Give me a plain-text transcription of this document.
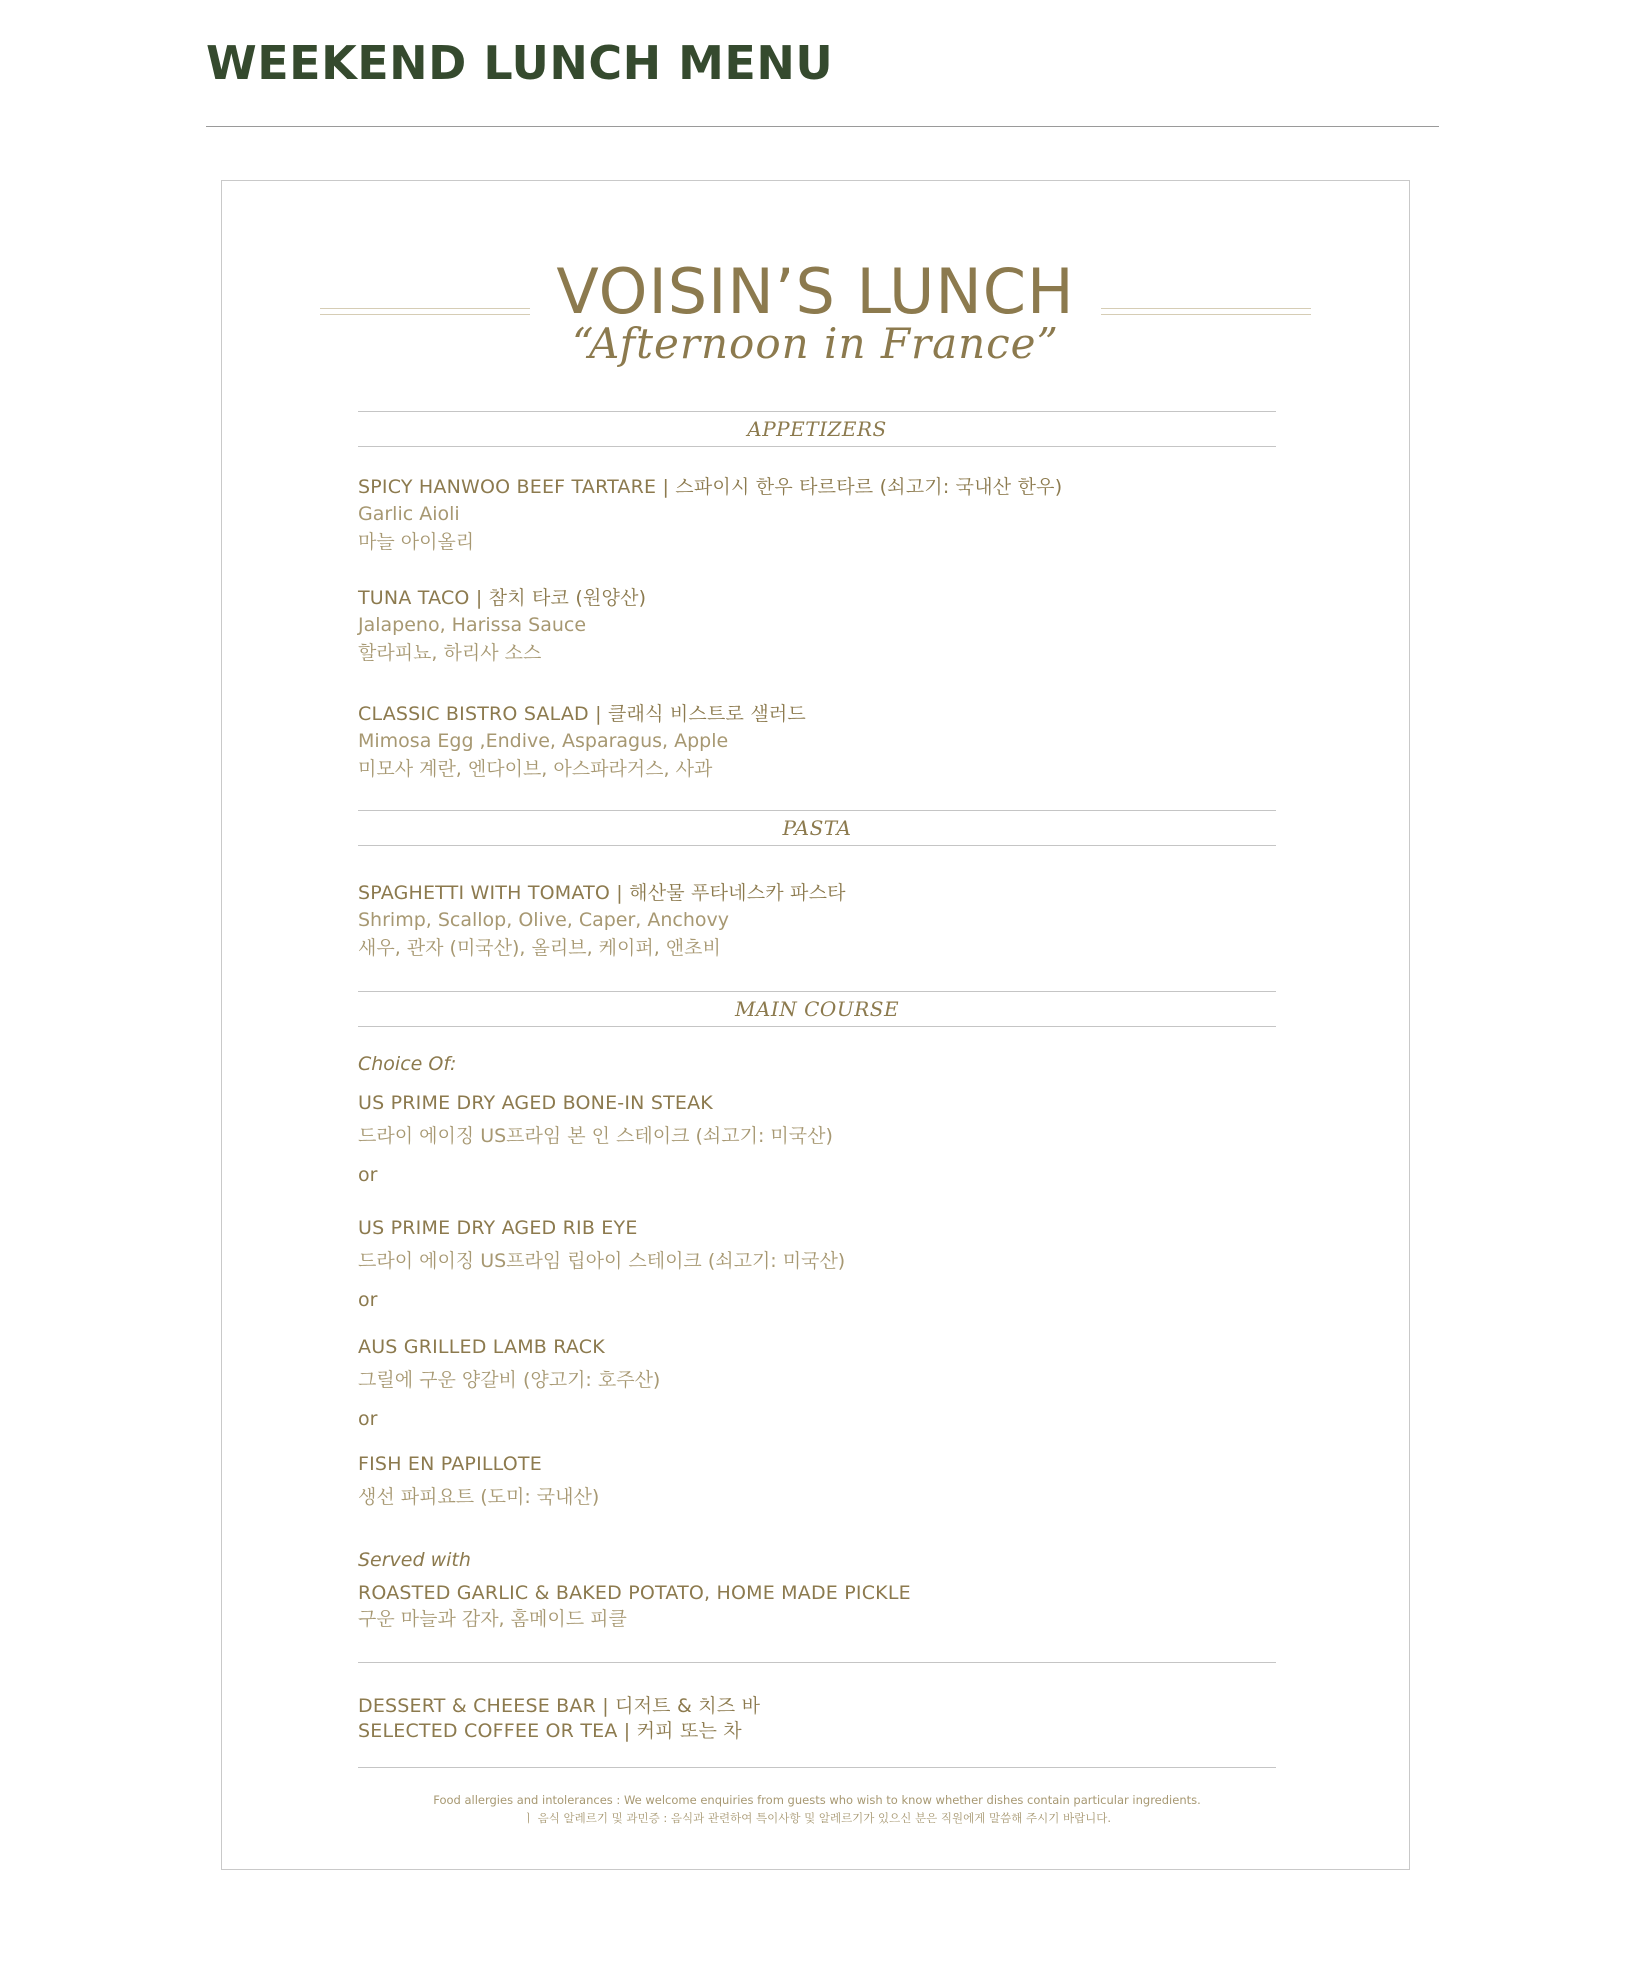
WEEKEND LUNCH MENU
VOISIN’S LUNCH

“Afternoon in France”

APPETIZERS
SPICY HANWOO BEEF TARTARE | 스파이시 한우 타르타르 (쇠고기: 국내산 한우)
Garlic Aioli
마늘 아이올리
TUNA TACO | 참치 타코 (원양산)
Jalapeno, Harissa Sauce
할라피뇨, 하리사 소스
CLASSIC BISTRO SALAD | 클래식 비스트로 샐러드
Mimosa Egg ,Endive, Asparagus, Apple
미모사 계란, 엔다이브, 아스파라거스, 사과
PASTA
SPAGHETTI WITH TOMATO | 해산물 푸타네스카 파스타
Shrimp, Scallop, Olive, Caper, Anchovy
새우, 관자 (미국산), 올리브, 케이퍼, 앤초비
MAIN COURSE
Choice Of:
US PRIME DRY AGED BONE-IN STEAK
드라이 에이징 US프라임 본 인 스테이크 (쇠고기: 미국산)
or
US PRIME DRY AGED RIB EYE
드라이 에이징 US프라임 립아이 스테이크 (쇠고기: 미국산)
or
AUS GRILLED LAMB RACK
그릴에 구운 양갈비 (양고기: 호주산)
or
FISH EN PAPILLOTE
생선 파피요트 (도미: 국내산)
Served with
ROASTED GARLIC & BAKED POTATO, HOME MADE PICKLE
구운 마늘과 감자, 홈메이드 피클
DESSERT & CHEESE BAR | 디저트 & 치즈 바
SELECTED COFFEE OR TEA | 커피 또는 차
Food allergies and intolerances : We welcome enquiries from guests who wish to know whether dishes contain particular ingredients.
ㅣ 음식 알레르기 및 과민증 : 음식과 관련하여 특이사항 및 알레르기가 있으신 분은 직원에게 말씀해 주시기 바랍니다.
